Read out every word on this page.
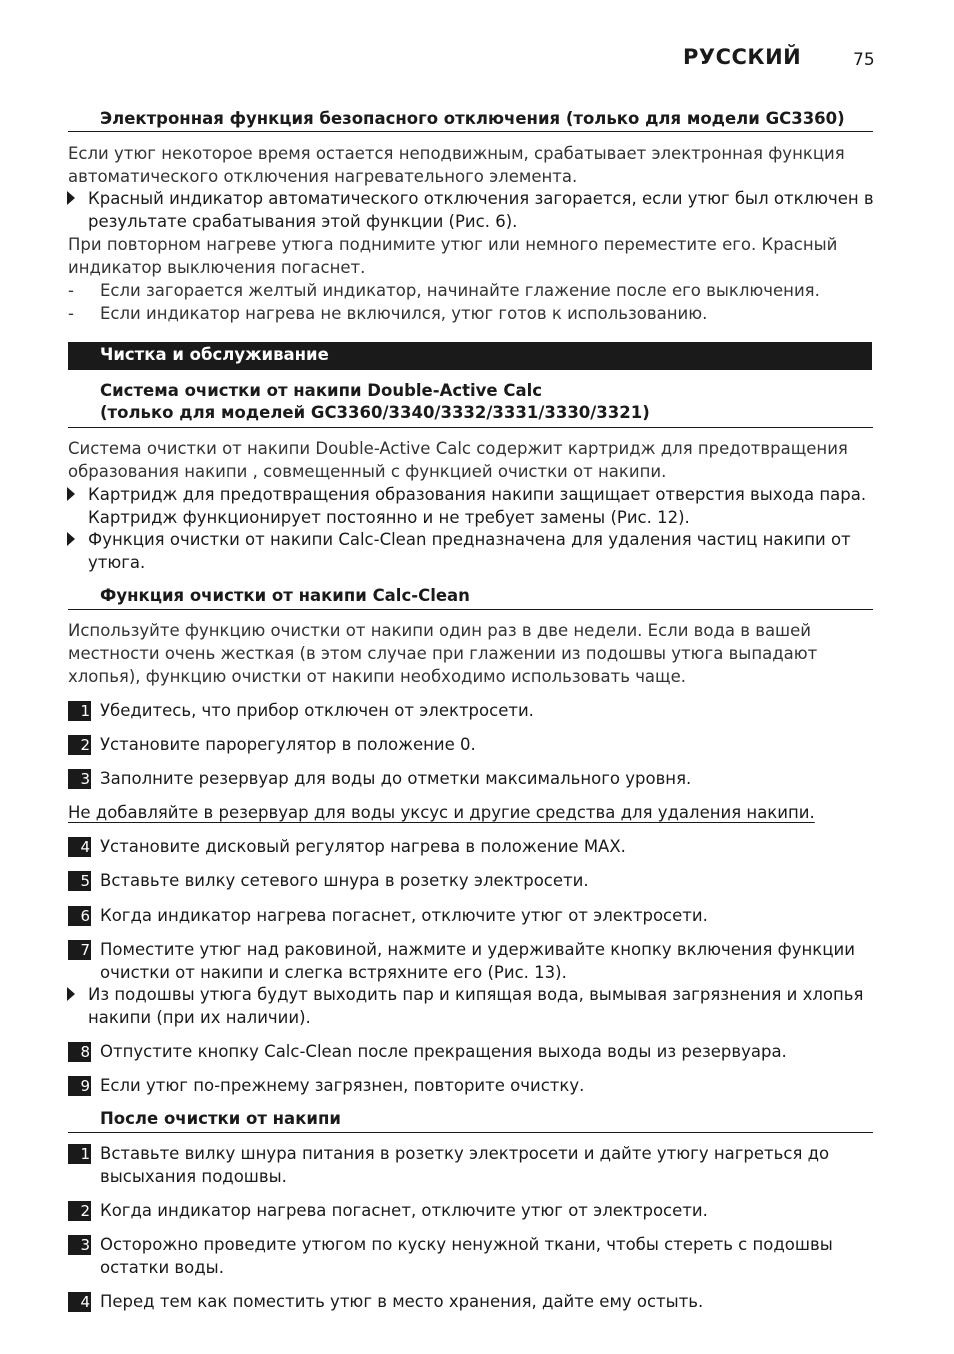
РУССКИЙ	75
Электронная функция безопасного отключения (только для модели GC3360)
Если утюг некоторое время остается неподвижным, срабатывает электронная функция автоматического отключения нагревательного элемента.
Красный индикатор автоматического отключения загорается, если утюг был отключен в результате срабатывания этой функции (Рис. 6).
При повторном нагреве утюга поднимите утюг или немного переместите его. Красный индикатор выключения погаснет.
- Если загорается желтый индикатор, начинайте глажение после его выключения.
- Если индикатор нагрева не включился, утюг готов к использованию.
Чистка и обслуживание
Система очистки от накипи Double-Active Calc
(только для моделей GC3360/3340/3332/3331/3330/3321)
Система очистки от накипи Double-Active Calc содержит картридж для предотвращения образования накипи , совмещенный с функцией очистки от накипи.
Картридж для предотвращения образования накипи защищает отверстия выхода пара. Картридж функционирует постоянно и не требует замены (Рис. 12).
Функция очистки от накипи Calc-Clean предназначена для удаления частиц накипи от утюга.
Функция очистки от накипи Calc-Clean
Используйте функцию очистки от накипи один раз в две недели. Если вода в вашей местности очень жесткая (в этом случае при глажении из подошвы утюга выпадают хлопья), функцию очистки от накипи необходимо использовать чаще.
1 Убедитесь, что прибор отключен от электросети.
2 Установите парорегулятор в положение 0.
3 Заполните резервуар для воды до отметки максимального уровня.
Не добавляйте в резервуар для воды уксус и другие средства для удаления накипи.
4 Установите дисковый регулятор нагрева в положение MAX.
5 Вставьте вилку сетевого шнура в розетку электросети.
6 Когда индикатор нагрева погаснет, отключите утюг от электросети.
7 Поместите утюг над раковиной, нажмите и удерживайте кнопку включения функции очистки от накипи и слегка встряхните его (Рис. 13).
Из подошвы утюга будут выходить пар и кипящая вода, вымывая загрязнения и хлопья накипи (при их наличии).
8 Отпустите кнопку Calc-Clean после прекращения выхода воды из резервуара.
9 Если утюг по-прежнему загрязнен, повторите очистку.
После очистки от накипи
1 Вставьте вилку шнура питания в розетку электросети и дайте утюгу нагреться до высыхания подошвы.
2 Когда индикатор нагрева погаснет, отключите утюг от электросети.
3 Осторожно проведите утюгом по куску ненужной ткани, чтобы стереть с подошвы остатки воды.
4 Перед тем как поместить утюг в место хранения, дайте ему остыть.
